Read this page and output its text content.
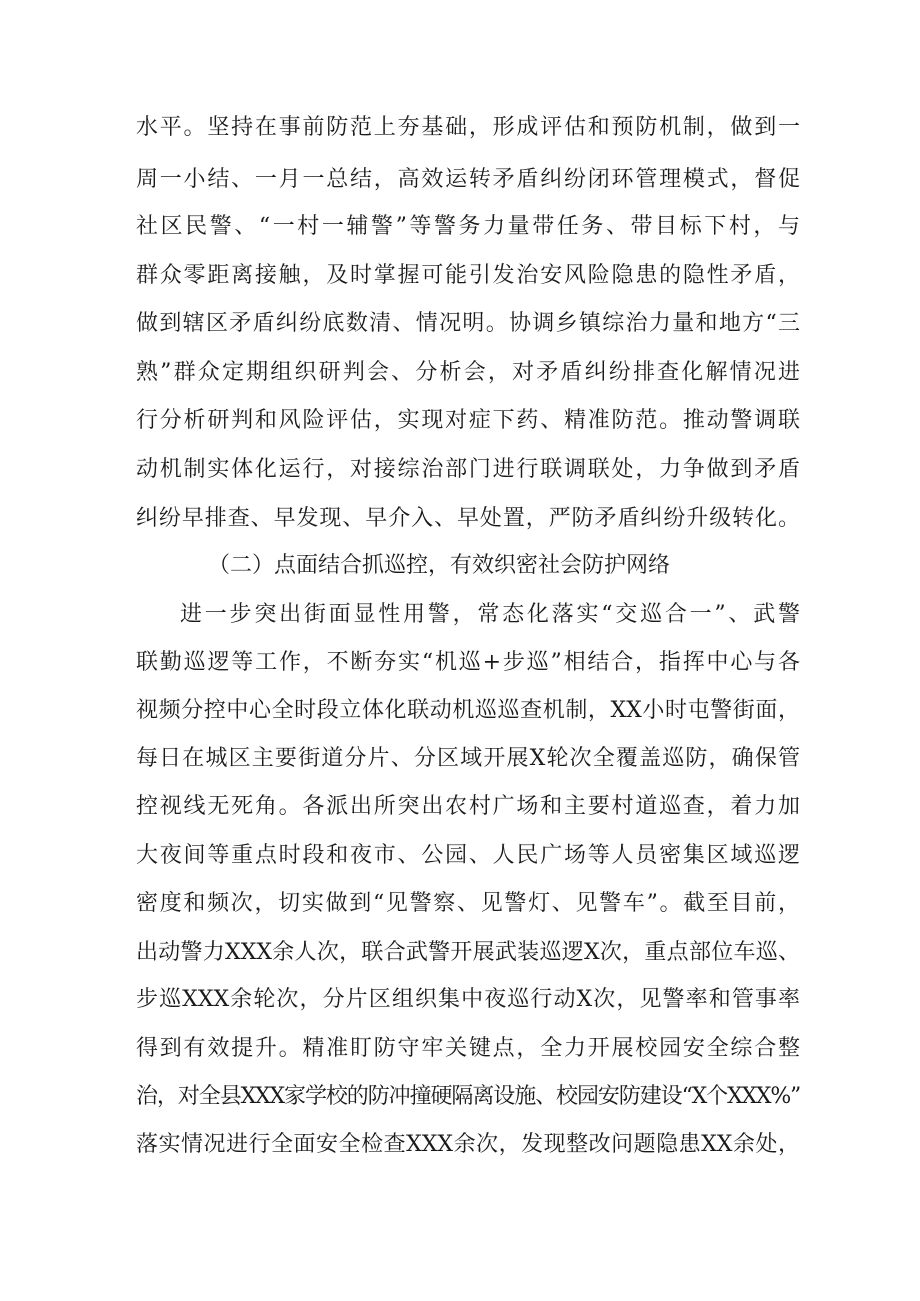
水平。坚持在事前防范上夯基础，形成评估和预防机制，做到一
周一小结、一月一总结，高效运转矛盾纠纷闭环管理模式，督促
社区民警、“一村一辅警”等警务力量带任务、带目标下村，与
群众零距离接触，及时掌握可能引发治安风险隐患的隐性矛盾，
做到辖区矛盾纠纷底数清、情况明。协调乡镇综治力量和地方“三
熟”群众定期组织研判会、分析会，对矛盾纠纷排查化解情况进
行分析研判和风险评估，实现对症下药、精准防范。推动警调联
动机制实体化运行，对接综治部门进行联调联处，力争做到矛盾
纠纷早排查、早发现、早介入、早处置，严防矛盾纠纷升级转化。
（二）点面结合抓巡控，有效织密社会防护网络
进一步突出街面显性用警，常态化落实“交巡合一”、武警
联勤巡逻等工作，不断夯实“机巡+步巡”相结合，指挥中心与各
视频分控中心全时段立体化联动机巡巡查机制，XX小时屯警街面，
每日在城区主要街道分片、分区域开展X轮次全覆盖巡防，确保管
控视线无死角。各派出所突出农村广场和主要村道巡查，着力加
大夜间等重点时段和夜市、公园、人民广场等人员密集区域巡逻
密度和频次，切实做到“见警察、见警灯、见警车”。截至目前，
出动警力XXX余人次，联合武警开展武装巡逻X次，重点部位车巡、
步巡XXX余轮次，分片区组织集中夜巡行动X次，见警率和管事率
得到有效提升。精准盯防守牢关键点，全力开展校园安全综合整
治，对全县XXX家学校的防冲撞硬隔离设施、校园安防建设“X个XXX%”
落实情况进行全面安全检查XXX余次，发现整改问题隐患XX余处，
